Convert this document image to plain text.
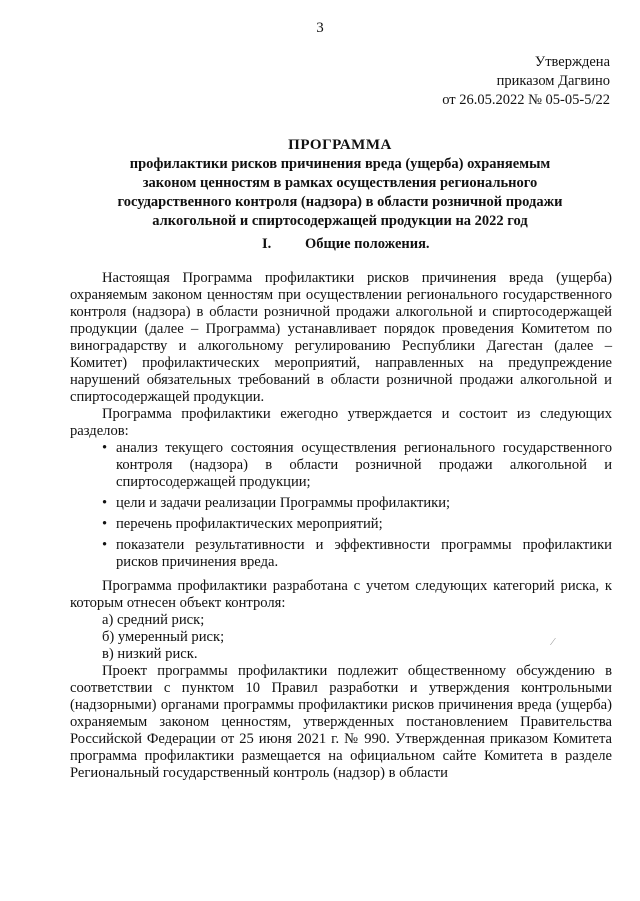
3
Утверждена
приказом Дагвино
от 26.05.2022 № 05-05-5/22
ПРОГРАММА
профилактики рисков причинения вреда (ущерба) охраняемым
законом ценностям в рамках осуществления регионального
государственного контроля (надзора) в области розничной продажи
алкогольной и спиртосодержащей продукции на 2022 год
I. Общие положения.

Настоящая Программа профилактики рисков причинения вреда (ущерба) охраняемым законом ценностям при осуществлении регионального государственного контроля (надзора) в области розничной продажи алкогольной и спиртосодержащей продукции (далее – Программа) устанавливает порядок проведения Комитетом по виноградарству и алкогольному регулированию Республики Дагестан (далее – Комитет) профилактических мероприятий, направленных на предупреждение нарушений обязательных требований в области розничной продажи алкогольной и спиртосодержащей продукции.

Программа профилактики ежегодно утверждается и состоит из следующих разделов:

• анализ текущего состояния осуществления регионального государственного контроля (надзора) в области розничной продажи алкогольной и спиртосодержащей продукции;
• цели и задачи реализации Программы профилактики;
• перечень профилактических мероприятий;
• показатели результативности и эффективности программы профилактики рисков причинения вреда.

Программа профилактики разработана с учетом следующих категорий риска, к которым отнесен объект контроля:

а) средний риск;

б) умеренный риск;

в) низкий риск.

Проект программы профилактики подлежит общественному обсуждению в соответствии с пунктом 10 Правил разработки и утверждения контрольными (надзорными) органами программы профилактики рисков причинения вреда (ущерба) охраняемым законом ценностям, утвержденных постановлением Правительства Российской Федерации от 25 июня 2021 г. № 990. Утвержденная приказом Комитета программа профилактики размещается на официальном сайте Комитета в разделе Региональный государственный контроль (надзор) в области

⁄
